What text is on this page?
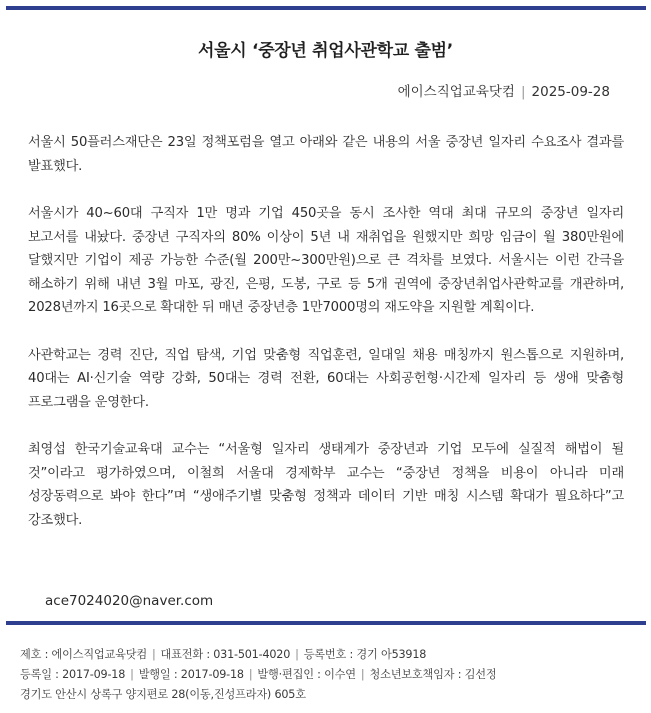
서울시 ‘중장년 취업사관학교 출범’
에이스직업교육닷컴 | 2025-09-28

서울시 50플러스재단은 23일 정책포럼을 열고 아래와 같은 내용의 서울 중장년 일자리 수요조사 결과를 발표했다.

서울시가 40~60대 구직자 1만 명과 기업 450곳을 동시 조사한 역대 최대 규모의 중장년 일자리 보고서를 내놨다. 중장년 구직자의 80% 이상이 5년 내 재취업을 원했지만 희망 임금이 월 380만원에 달했지만 기업이 제공 가능한 수준(월 200만~300만원)으로 큰 격차를 보였다. 서울시는 이런 간극을 해소하기 위해 내년 3월 마포, 광진, 은평, 도봉, 구로 등 5개 권역에 중장년취업사관학교를 개관하며, 2028년까지 16곳으로 확대한 뒤 매년 중장년층 1만7000명의 재도약을 지원할 계획이다.

사관학교는 경력 진단, 직업 탐색, 기업 맞춤형 직업훈련, 일대일 채용 매칭까지 원스톱으로 지원하며, 40대는 AI·신기술 역량 강화, 50대는 경력 전환, 60대는 사회공헌형·시간제 일자리 등 생애 맞춤형 프로그램을 운영한다.

최영섭 한국기술교육대 교수는 “서울형 일자리 생태계가 중장년과 기업 모두에 실질적 해법이 될 것”이라고 평가하였으며, 이철희 서울대 경제학부 교수는 “중장년 정책을 비용이 아니라 미래 성장동력으로 봐야 한다”며 “생애주기별 맞춤형 정책과 데이터 기반 매칭 시스템 확대가 필요하다”고 강조했다.

ace7024020@naver.com
제호 : 에이스직업교육닷컴 | 대표전화 : 031-501-4020 | 등록번호 : 경기 아53918
등록일 : 2017-09-18 | 발행일 : 2017-09-18 | 발행·편집인 : 이수연 | 청소년보호책임자 : 김선정
경기도 안산시 상록구 양지편로 28(이동,진성프라자) 605호
